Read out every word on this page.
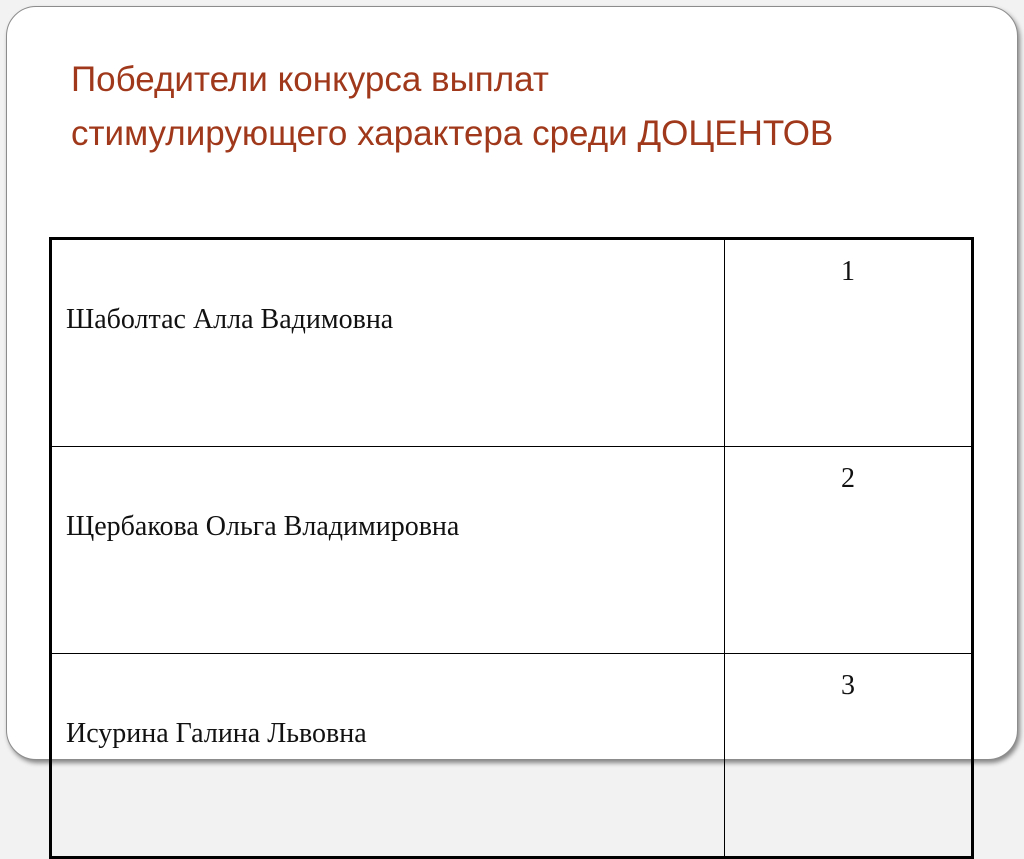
Победители конкурса выплат
стимулирующего характера среди ДОЦЕНТОВ
Шаболтас Алла Вадимовна	1

Щербакова Ольга Владимировна	2

Исурина Галина Львовна	3
